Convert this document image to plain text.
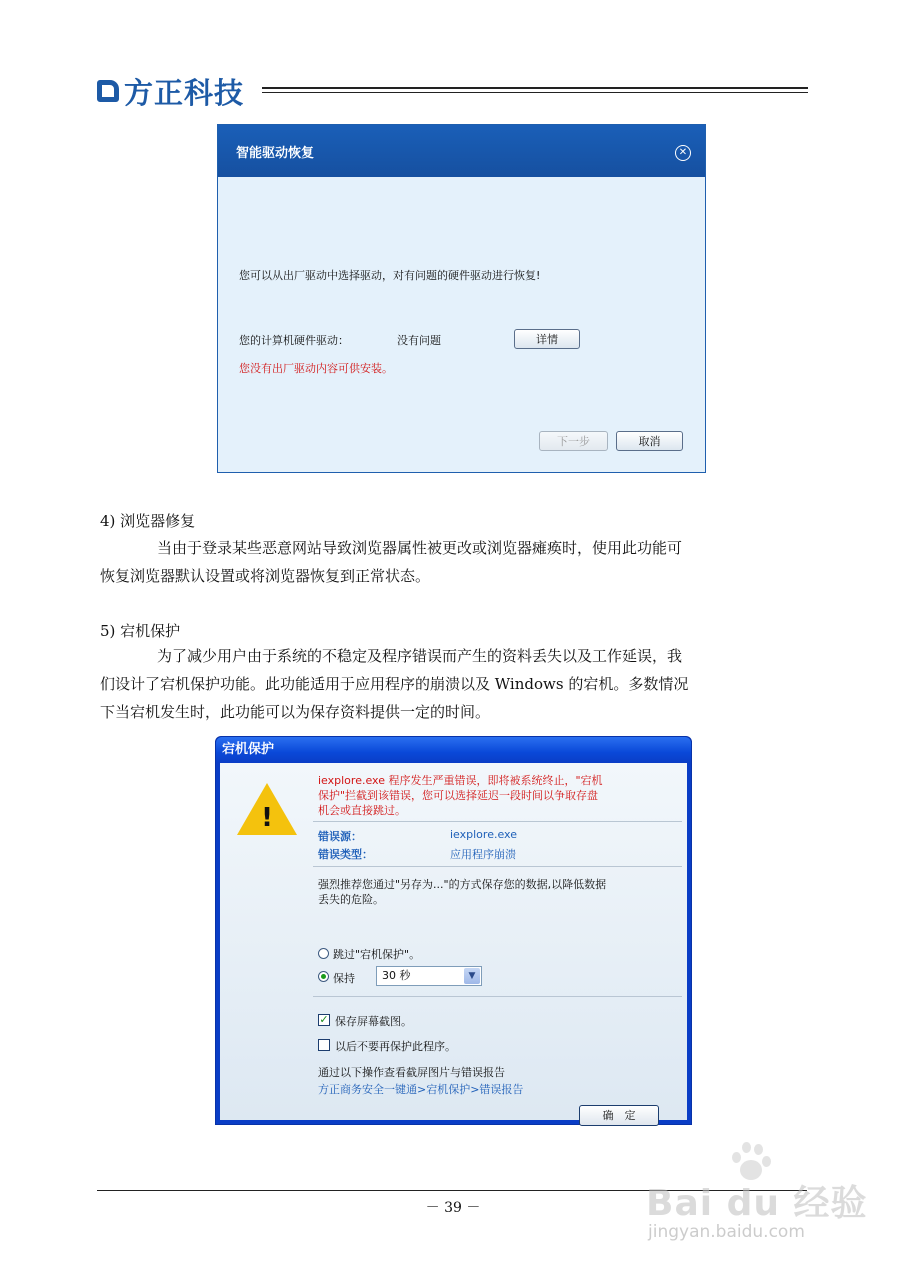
方正科技
智能驱动恢复	✕
您可以从出厂驱动中选择驱动，对有问题的硬件驱动进行恢复!
您的计算机硬件驱动：	没有问题	详情
您没有出厂驱动内容可供安装。
下一步	取消
4) 浏览器修复
当由于登录某些恶意网站导致浏览器属性被更改或浏览器瘫痪时，使用此功能可
恢复浏览器默认设置或将浏览器恢复到正常状态。
5) 宕机保护
为了减少用户由于系统的不稳定及程序错误而产生的资料丢失以及工作延误，我
们设计了宕机保护功能。此功能适用于应用程序的崩溃以及 Windows 的宕机。多数情况
下当宕机发生时，此功能可以为保存资料提供一定的时间。
宕机保护
!
iexplore.exe 程序发生严重错误，即将被系统终止，"宕机
保护"拦截到该错误，您可以选择延迟一段时间以争取存盘
机会或直接跳过。
错误源：	iexplore.exe
错误类型：	应用程序崩溃
强烈推荐您通过"另存为..."的方式保存您的数据,以降低数据
丢失的危险。
跳过"宕机保护"。
保持	30 秒	▼
✓ 保存屏幕截图。
以后不要再保护此程序。
通过以下操作查看截屏图片与错误报告
方正商务安全一键通>宕机保护>错误报告
确　定
－ 39 －	Bai du 经验
jingyan.baidu.com
